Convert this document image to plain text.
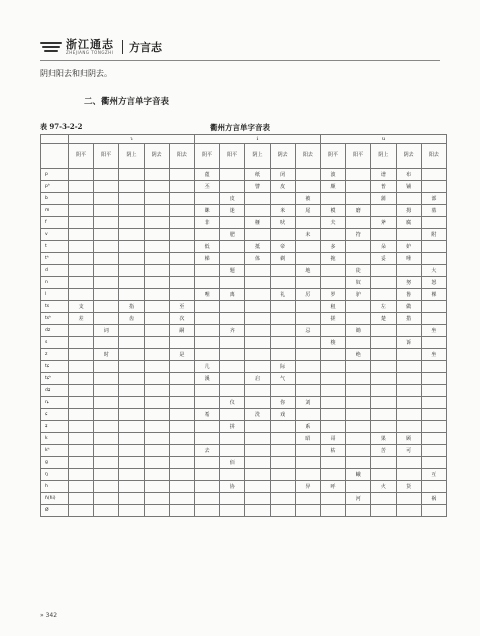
浙江通志
ZHEJIANG TONGZHI 方言志
阴归阳去和归阴去。
二、衢州方言单字音表
表 97-3-2-2	衢州方言单字音表
	ɿ					i					u				
	阴平	阳平	阴上	阴去	阳去	阴平	阳平	阴上	阴去	阳去	阴平	阳平	阴上	阴去	阳去
p						蓖		纸	闭		波		谱	布	
pʰ						丕		譬	皮		颇		普	铺	
b							皮			被			蒲		部
m						眯	迷		米	尾	模	磨		拇	墓
f						非		榧	吠		夫		斧	腐	
v							肥			未		符			附
t						低		抵	帝		多		朵	妒	
tʰ						梯		体	剃		拖		妥	唾	
d							题			地		徒			大
n												奴		努	怒
l						哩	离		礼	厉	罗	驴		鲁	裸
ts	支		指		至						租		左	做	
tsʰ	差		齿		次						搓		楚	措	
dz		词			嗣		齐			忌		锄			坐
s											梭			诉	
z		时			是							绝			坐
tɕ						几			际						
tɕʰ						溪		启	气						
dʑ															
ȵ							仪		你	刘					
ɕ						希		洗	戏						
ʑ							拼			系					
k										昭	哥		果	顾	
kʰ						去					枯		苦	可	
g							佰								
ŋ												蛾			互
h							协			异	呼		火	货	
ɦ(ɦi)												河			祸
Ø															
» 342
